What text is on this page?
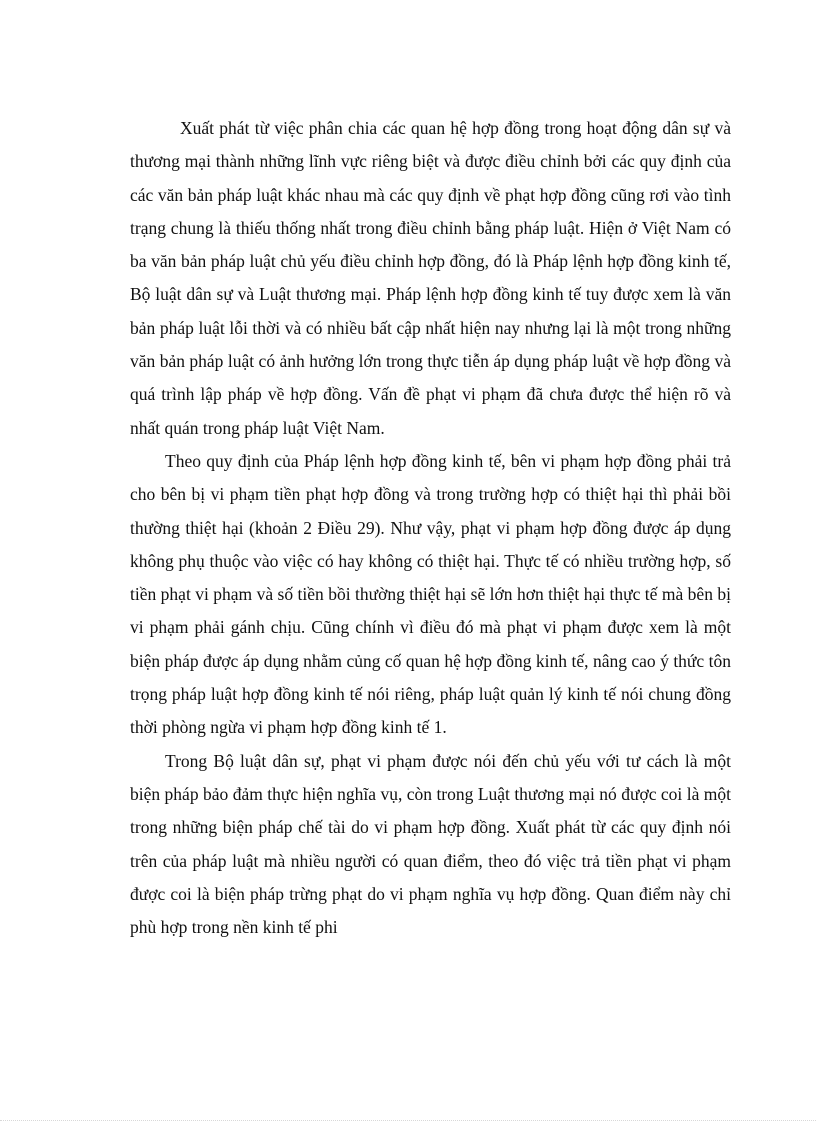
Xuất phát từ việc phân chia các quan hệ hợp đồng trong hoạt động dân sự và thương mại thành những lĩnh vực riêng biệt và được điều chỉnh bởi các quy định của các văn bản pháp luật khác nhau mà các quy định về phạt hợp đồng cũng rơi vào tình trạng chung là thiếu thống nhất trong điều chỉnh bằng pháp luật. Hiện ở Việt Nam có ba văn bản pháp luật chủ yếu điều chỉnh hợp đồng, đó là Pháp lệnh hợp đồng kinh tế, Bộ luật dân sự và Luật thương mại. Pháp lệnh hợp đồng kinh tế tuy được xem là văn bản pháp luật lỗi thời và có nhiều bất cập nhất hiện nay nhưng lại là một trong những văn bản pháp luật có ảnh hưởng lớn trong thực tiễn áp dụng pháp luật về hợp đồng và quá trình lập pháp về hợp đồng. Vấn đề phạt vi phạm đã chưa được thể hiện rõ và nhất quán trong pháp luật Việt Nam.

Theo quy định của Pháp lệnh hợp đồng kinh tế, bên vi phạm hợp đồng phải trả cho bên bị vi phạm tiền phạt hợp đồng và trong trường hợp có thiệt hại thì phải bồi thường thiệt hại (khoản 2 Điều 29). Như vậy, phạt vi phạm hợp đồng được áp dụng không phụ thuộc vào việc có hay không có thiệt hại. Thực tế có nhiều trường hợp, số tiền phạt vi phạm và số tiền bồi thường thiệt hại sẽ lớn hơn thiệt hại thực tế mà bên bị vi phạm phải gánh chịu. Cũng chính vì điều đó mà phạt vi phạm được xem là một biện pháp được áp dụng nhằm củng cố quan hệ hợp đồng kinh tế, nâng cao ý thức tôn trọng pháp luật hợp đồng kinh tế nói riêng, pháp luật quản lý kinh tế nói chung đồng thời phòng ngừa vi phạm hợp đồng kinh tế 1.

Trong Bộ luật dân sự, phạt vi phạm được nói đến chủ yếu với tư cách là một biện pháp bảo đảm thực hiện nghĩa vụ, còn trong Luật thương mại nó được coi là một trong những biện pháp chế tài do vi phạm hợp đồng. Xuất phát từ các quy định nói trên của pháp luật mà nhiều người có quan điểm, theo đó việc trả tiền phạt vi phạm được coi là biện pháp trừng phạt do vi phạm nghĩa vụ hợp đồng. Quan điểm này chỉ phù hợp trong nền kinh tế phi
